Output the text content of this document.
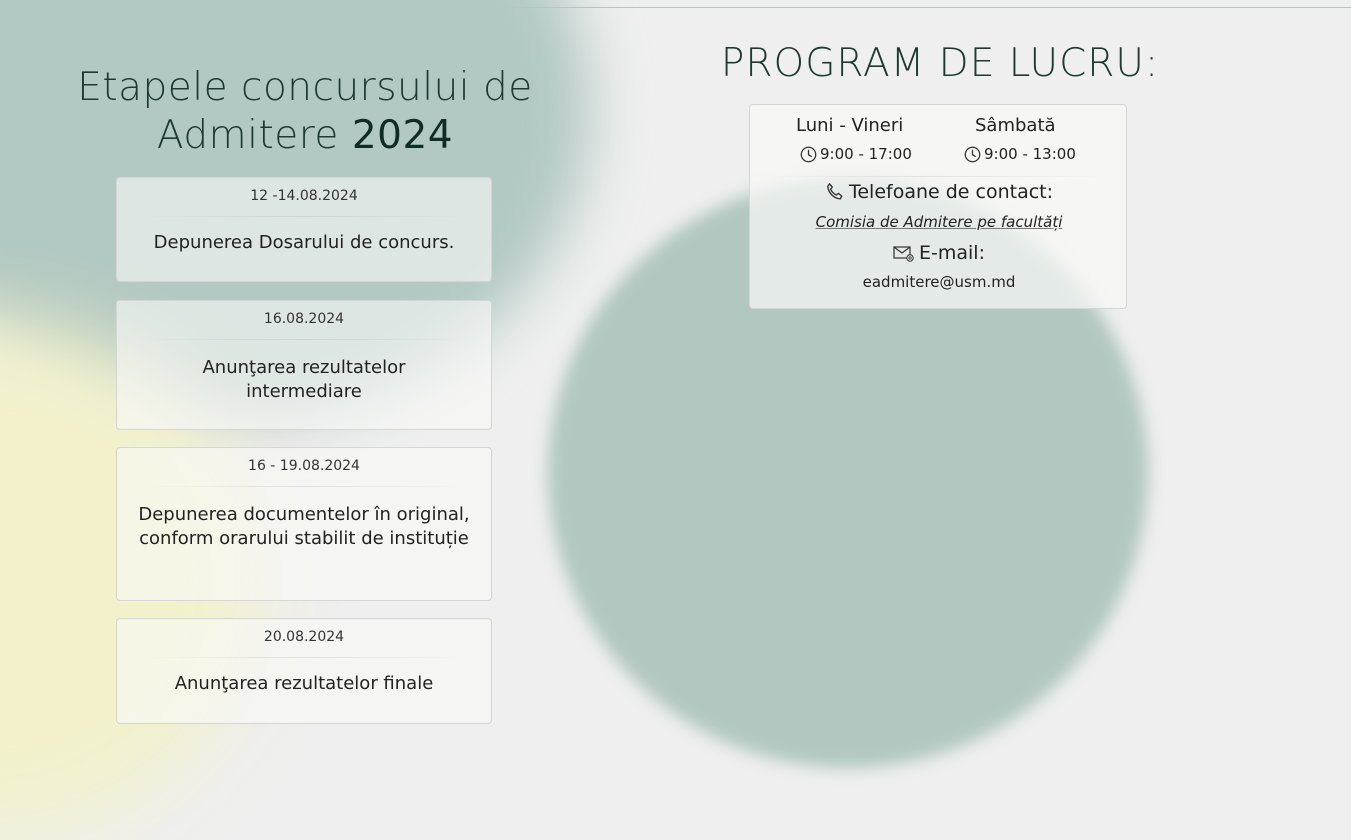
Etapele concursului de
Admitere 2024
12 -14.08.2024
Depunerea Dosarului de concurs.
16.08.2024
Anunţarea rezultatelor intermediare
16 - 19.08.2024
Depunerea documentelor în original, conform orarului stabilit de instituție
20.08.2024
Anunţarea rezultatelor finale
PROGRAM DE LUCRU:
Luni - Vineri	Sâmbată
9:00 - 17:00	9:00 - 13:00
Telefoane de contact:
Comisia de Admitere pe facultăți
E-mail:
eadmitere@usm.md
